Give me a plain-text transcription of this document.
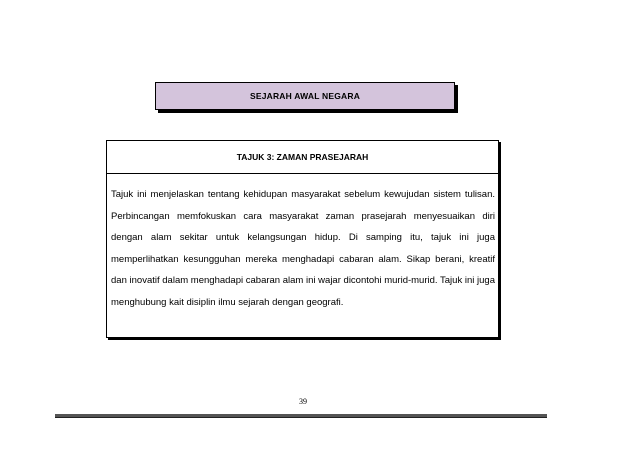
SEJARAH AWAL NEGARA
TAJUK 3: ZAMAN PRASEJARAH
Tajuk ini menjelaskan tentang kehidupan masyarakat sebelum kewujudan sistem tulisan. Perbincangan memfokuskan cara masyarakat zaman prasejarah menyesuaikan diri dengan alam sekitar untuk kelangsungan hidup. Di samping itu, tajuk ini juga memperlihatkan kesungguhan mereka menghadapi cabaran alam. Sikap berani, kreatif dan inovatif dalam menghadapi cabaran alam ini wajar dicontohi murid-murid. Tajuk ini juga menghubung kait disiplin ilmu sejarah dengan geografi.
39
